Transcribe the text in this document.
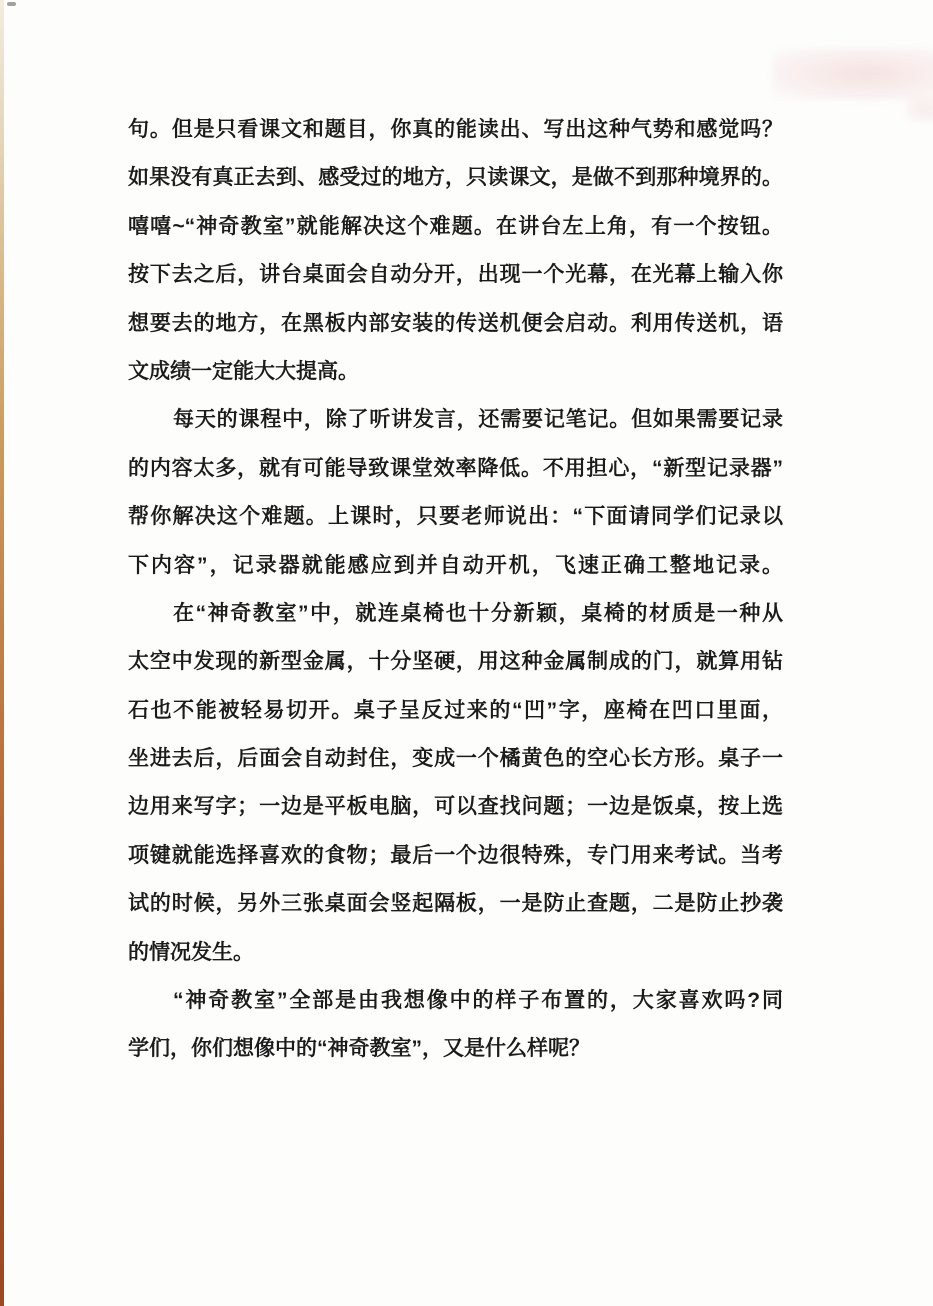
句。但是只看课文和题目，你真的能读出、写出这种气势和感觉吗？
如果没有真正去到、感受过的地方，只读课文，是做不到那种境界的。
嘻嘻~“神奇教室”就能解决这个难题。在讲台左上角，有一个按钮。
按下去之后，讲台桌面会自动分开，出现一个光幕，在光幕上输入你
想要去的地方，在黑板内部安装的传送机便会启动。利用传送机，语
文成绩一定能大大提高。
每天的课程中，除了听讲发言，还需要记笔记。但如果需要记录
的内容太多，就有可能导致课堂效率降低。不用担心，“新型记录器”
帮你解决这个难题。上课时，只要老师说出：“下面请同学们记录以
下内容”，记录器就能感应到并自动开机，飞速正确工整地记录。
在“神奇教室”中，就连桌椅也十分新颖，桌椅的材质是一种从
太空中发现的新型金属，十分坚硬，用这种金属制成的门，就算用钻
石也不能被轻易切开。桌子呈反过来的“凹”字，座椅在凹口里面，
坐进去后，后面会自动封住，变成一个橘黄色的空心长方形。桌子一
边用来写字；一边是平板电脑，可以查找问题；一边是饭桌，按上选
项键就能选择喜欢的食物；最后一个边很特殊，专门用来考试。当考
试的时候，另外三张桌面会竖起隔板，一是防止查题，二是防止抄袭
的情况发生。
“神奇教室”全部是由我想像中的样子布置的，大家喜欢吗?同
学们，你们想像中的“神奇教室”，又是什么样呢？
